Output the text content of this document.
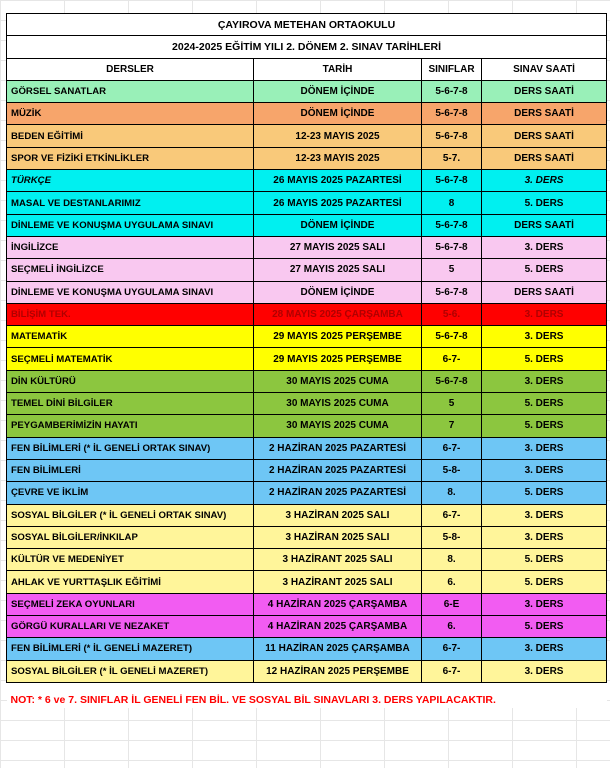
ÇAYIROVA METEHAN ORTAOKULU			
2024-2025 EĞİTİM YILI 2. DÖNEM 2. SINAV TARİHLERİ			
DERSLER	TARİH	SINIFLAR	SINAV SAATİ
GÖRSEL SANATLAR	DÖNEM İÇİNDE	5-6-7-8	DERS SAATİ
MÜZİK	DÖNEM İÇİNDE	5-6-7-8	DERS SAATİ
BEDEN EĞİTİMİ	12-23 MAYIS 2025	5-6-7-8	DERS SAATİ
SPOR VE FİZİKİ ETKİNLİKLER	12-23 MAYIS 2025	5-7.	DERS SAATİ
TÜRKÇE	26 MAYIS 2025 PAZARTESİ	5-6-7-8	3. DERS
MASAL VE DESTANLARIMIZ	26 MAYIS 2025 PAZARTESİ	8	5. DERS
DİNLEME VE KONUŞMA UYGULAMA SINAVI	DÖNEM İÇİNDE	5-6-7-8	DERS SAATİ
İNGİLİZCE	27 MAYIS 2025 SALI	5-6-7-8	3. DERS
SEÇMELİ İNGİLİZCE	27 MAYIS 2025 SALI	5	5. DERS
DİNLEME VE KONUŞMA UYGULAMA SINAVI	DÖNEM İÇİNDE	5-6-7-8	DERS SAATİ
BİLİŞİM TEK.	28 MAYIS 2025 ÇARŞAMBA	5-6.	3. DERS
MATEMATİK	29 MAYIS 2025 PERŞEMBE	5-6-7-8	3. DERS
SEÇMELİ MATEMATİK	29 MAYIS 2025 PERŞEMBE	6-7-	5. DERS
DİN KÜLTÜRÜ	30 MAYIS 2025 CUMA	5-6-7-8	3. DERS
TEMEL DİNİ BİLGİLER	30 MAYIS 2025 CUMA	5	5. DERS
PEYGAMBERİMİZİN HAYATI	30 MAYIS 2025 CUMA	7	5. DERS
FEN BİLİMLERİ (* İL GENELİ ORTAK SINAV)	2 HAZİRAN 2025 PAZARTESİ	6-7-	3. DERS
FEN BİLİMLERİ	2 HAZİRAN 2025 PAZARTESİ	5-8-	3. DERS
ÇEVRE VE İKLİM	2 HAZİRAN 2025 PAZARTESİ	8.	5. DERS
SOSYAL BİLGİLER (* İL GENELİ ORTAK SINAV)	3 HAZİRAN 2025 SALI	6-7-	3. DERS
SOSYAL BİLGİLER/İNKILAP	3 HAZİRAN 2025 SALI	5-8-	3. DERS
KÜLTÜR VE MEDENİYET	3 HAZİRANT 2025 SALI	8.	5. DERS
AHLAK VE YURTTAŞLIK EĞİTİMİ	3 HAZİRANT 2025 SALI	6.	5. DERS
SEÇMELİ ZEKA OYUNLARI	4 HAZİRAN 2025 ÇARŞAMBA	6-E	3. DERS
GÖRGÜ KURALLARI VE NEZAKET	4 HAZİRAN 2025 ÇARŞAMBA	6.	5. DERS
FEN BİLİMLERİ (* İL GENELİ MAZERET)	11 HAZİRAN 2025 ÇARŞAMBA	6-7-	3. DERS
SOSYAL BİLGİLER (* İL GENELİ MAZERET)	12 HAZİRAN 2025 PERŞEMBE	6-7-	3. DERS
NOT: * 6 ve 7. SINIFLAR İL GENELİ FEN BİL. VE SOSYAL BİL SINAVLARI 3. DERS YAPILACAKTIR.			
